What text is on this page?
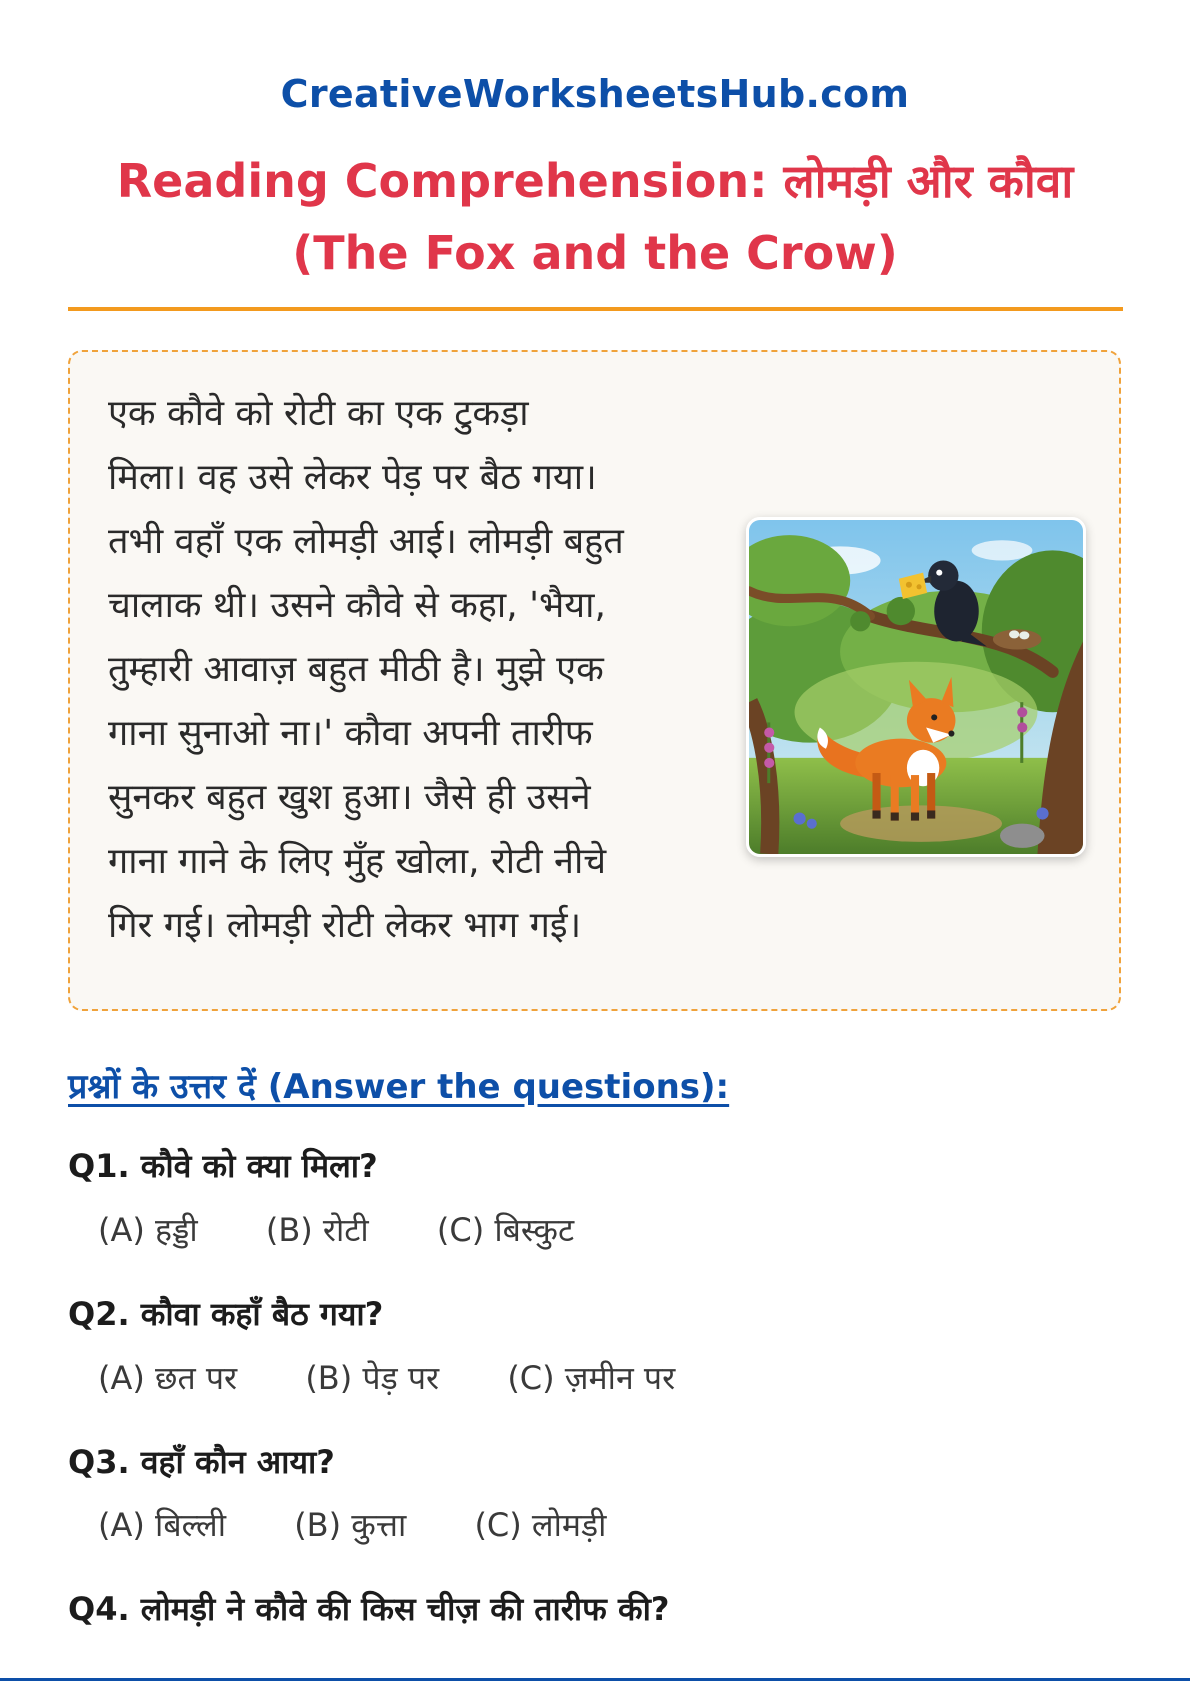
CreativeWorksheetsHub.com
Reading Comprehension: लोमड़ी और कौवा
(The Fox and the Crow)
एक कौवे को रोटी का एक टुकड़ा
मिला। वह उसे लेकर पेड़ पर बैठ गया।
तभी वहाँ एक लोमड़ी आई। लोमड़ी बहुत
चालाक थी। उसने कौवे से कहा, 'भैया,
तुम्हारी आवाज़ बहुत मीठी है। मुझे एक
गाना सुनाओ ना।' कौवा अपनी तारीफ
सुनकर बहुत खुश हुआ। जैसे ही उसने
गाना गाने के लिए मुँह खोला, रोटी नीचे
गिर गई। लोमड़ी रोटी लेकर भाग गई।
प्रश्नों के उत्तर दें (Answer the questions):
Q1. कौवे को क्या मिला?
(A) हड्डी (B) रोटी (C) बिस्कुट
Q2. कौवा कहाँ बैठ गया?
(A) छत पर (B) पेड़ पर (C) ज़मीन पर
Q3. वहाँ कौन आया?
(A) बिल्ली (B) कुत्ता (C) लोमड़ी
Q4. लोमड़ी ने कौवे की किस चीज़ की तारीफ की?
